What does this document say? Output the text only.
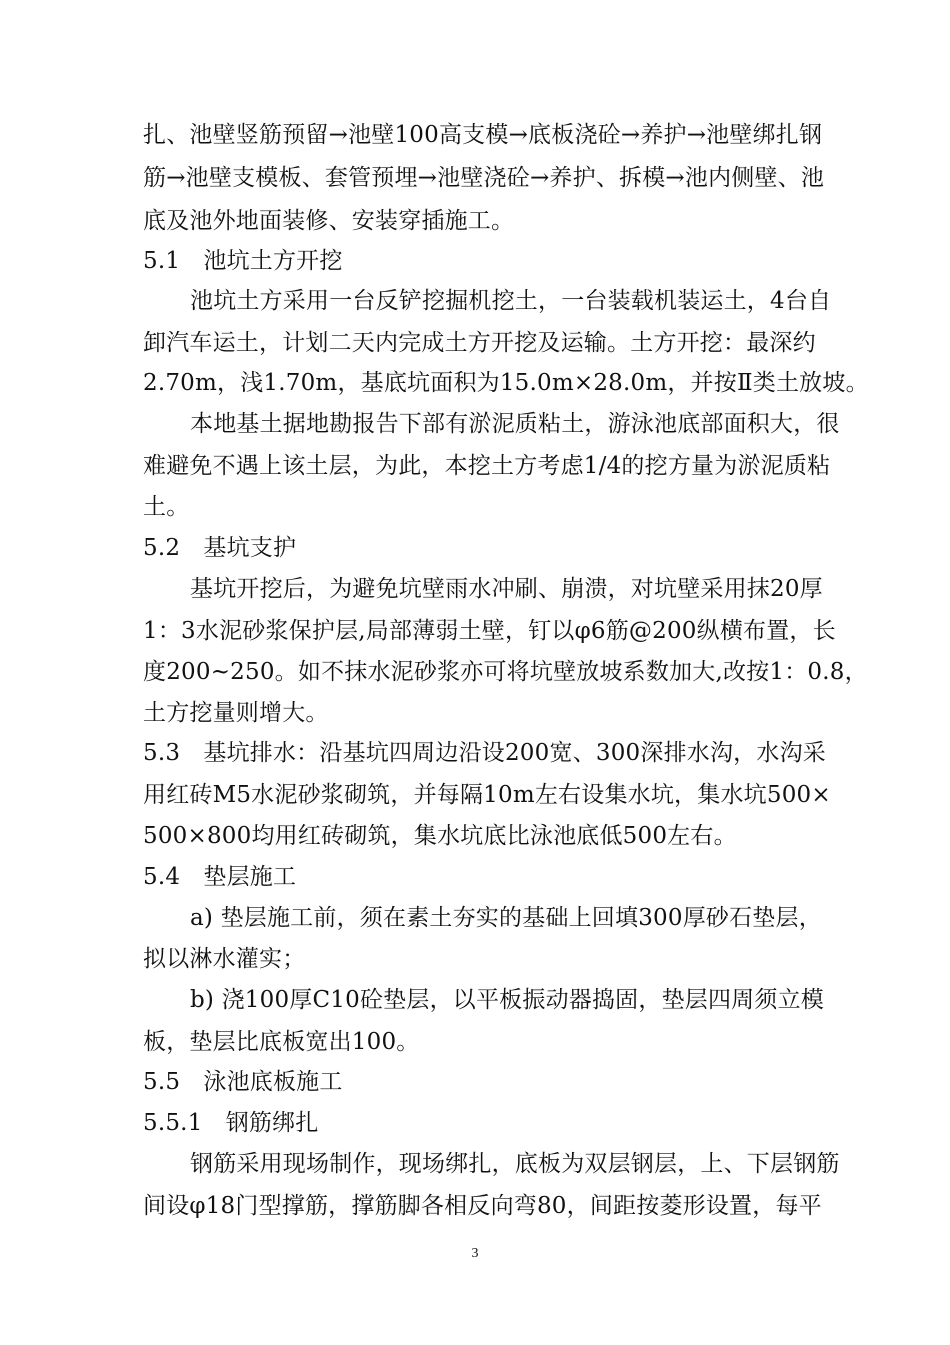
扎、池壁竖筋预留→池壁100高支模→底板浇砼→养护→池壁绑扎钢
筋→池壁支模板、套管预埋→池壁浇砼→养护、拆模→池内侧壁、池
底及池外地面装修、安装穿插施工。
5.1　池坑土方开挖
池坑土方采用一台反铲挖掘机挖土，一台装载机装运土，4台自
卸汽车运土，计划二天内完成土方开挖及运输。土方开挖：最深约
2.70m，浅1.70m，基底坑面积为15.0m×28.0m，并按Ⅱ类土放坡。
本地基土据地勘报告下部有淤泥质粘土，游泳池底部面积大，很
难避免不遇上该土层，为此，本挖土方考虑1/4的挖方量为淤泥质粘
土。
5.2　基坑支护
基坑开挖后，为避免坑壁雨水冲刷、崩溃，对坑壁采用抹20厚
1：3水泥砂浆保护层,局部薄弱土壁，钉以φ6筋@200纵横布置，长
度200~250。如不抹水泥砂浆亦可将坑壁放坡系数加大,改按1：0.8，
土方挖量则增大。
5.3　基坑排水：沿基坑四周边沿设200宽、300深排水沟，水沟采
用红砖M5水泥砂浆砌筑，并每隔10m左右设集水坑，集水坑500×
500×800均用红砖砌筑，集水坑底比泳池底低500左右。
5.4　垫层施工
a) 垫层施工前，须在素土夯实的基础上回填300厚砂石垫层，
拟以淋水灌实；
b) 浇100厚C10砼垫层，以平板振动器捣固，垫层四周须立模
板，垫层比底板宽出100。
5.5　泳池底板施工
5.5.1　钢筋绑扎
钢筋采用现场制作，现场绑扎，底板为双层钢层，上、下层钢筋
间设φ18门型撑筋，撑筋脚各相反向弯80，间距按菱形设置，每平
3
